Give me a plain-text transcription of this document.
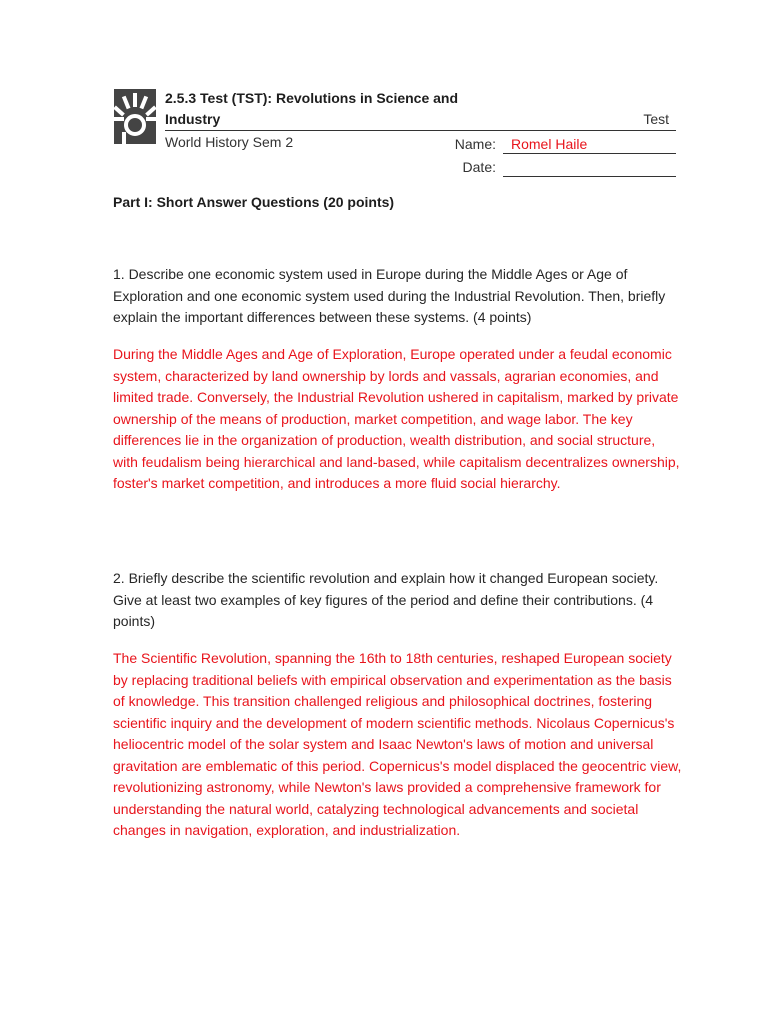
2.5.3 Test (TST): Revolutions in Science and Industry	Test
World History Sem 2	Name: Romel Haile
Date:
Part I: Short Answer Questions (20 points)
1. Describe one economic system used in Europe during the Middle Ages or Age of Exploration and one economic system used during the Industrial Revolution. Then, briefly explain the important differences between these systems. (4 points)
During the Middle Ages and Age of Exploration, Europe operated under a feudal economic system, characterized by land ownership by lords and vassals, agrarian economies, and limited trade. Conversely, the Industrial Revolution ushered in capitalism, marked by private ownership of the means of production, market competition, and wage labor. The key differences lie in the organization of production, wealth distribution, and social structure, with feudalism being hierarchical and land-based, while capitalism decentralizes ownership, foster's market competition, and introduces a more fluid social hierarchy.
2. Briefly describe the scientific revolution and explain how it changed European society. Give at least two examples of key figures of the period and define their contributions. (4 points)
The Scientific Revolution, spanning the 16th to 18th centuries, reshaped European society by replacing traditional beliefs with empirical observation and experimentation as the basis of knowledge. This transition challenged religious and philosophical doctrines, fostering scientific inquiry and the development of modern scientific methods. Nicolaus Copernicus's heliocentric model of the solar system and Isaac Newton's laws of motion and universal gravitation are emblematic of this period. Copernicus's model displaced the geocentric view, revolutionizing astronomy, while Newton's laws provided a comprehensive framework for understanding the natural world, catalyzing technological advancements and societal changes in navigation, exploration, and industrialization.
